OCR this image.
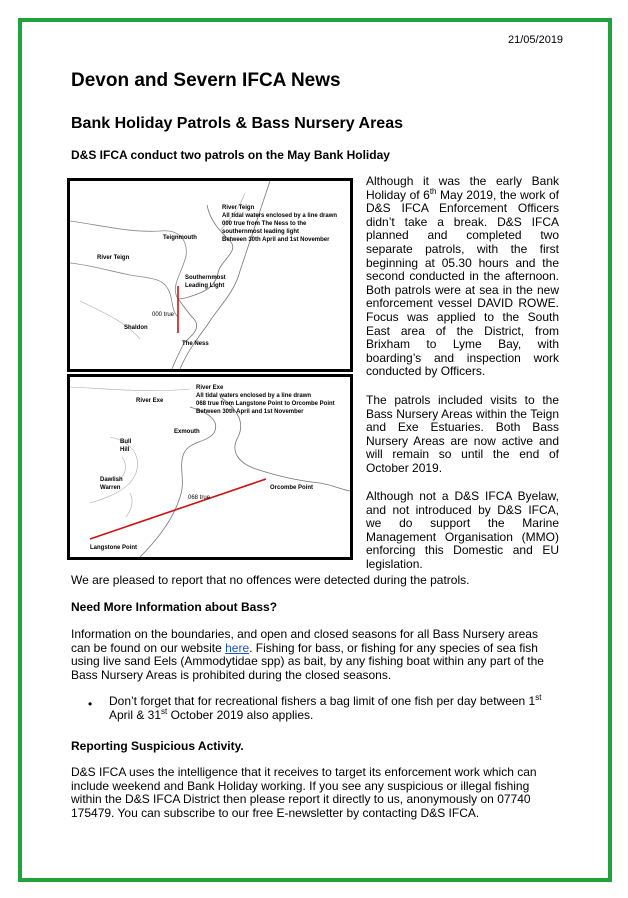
21/05/2019
Devon and Severn IFCA News
Bank Holiday Patrols & Bass Nursery Areas
D&S IFCA conduct two patrols on the May Bank Holiday
River Teign
All tidal waters enclosed by a line drawn
000 true from The Ness to the
southernmost leading light
Between 30th April and 1st November
Teignmouth
River Teign
Southernmost
Leading Light
000 true
Shaldon
The Ness
River Exe
All tidal waters enclosed by a line drawn
068 true from Langstone Point to Orcombe Point
Between 30th April and 1st November
River Exe
Exmouth
Bull
Hill
Dawlish
Warren
068 true
Orcombe Point
Langstone Point
Although it was the early Bank Holiday of 6th May 2019, the work of D&S IFCA Enforcement Officers didn’t take a break. D&S IFCA planned and completed two separate patrols, with the first beginning at 05.30 hours and the second conducted in the afternoon. Both patrols were at sea in the new enforcement vessel DAVID ROWE. Focus was applied to the South East area of the District, from Brixham to Lyme Bay, with boarding’s and inspection work conducted by Officers.
The patrols included visits to the Bass Nursery Areas within the Teign and Exe Estuaries. Both Bass Nursery Areas are now active and will remain so until the end of October 2019.
Although not a D&S IFCA Byelaw, and not introduced by D&S IFCA, we do support the Marine Management Organisation (MMO) enforcing this Domestic and EU legislation.
We are pleased to report that no offences were detected during the patrols.
Need More Information about Bass?
Information on the boundaries, and open and closed seasons for all Bass Nursery areas can be found on our website here. Fishing for bass, or fishing for any species of sea fish using live sand Eels (Ammodytidae spp) as bait, by any fishing boat within any part of the Bass Nursery Areas is prohibited during the closed seasons.
• Don’t forget that for recreational fishers a bag limit of one fish per day between 1st April & 31st October 2019 also applies.
Reporting Suspicious Activity.
D&S IFCA uses the intelligence that it receives to target its enforcement work which can include weekend and Bank Holiday working. If you see any suspicious or illegal fishing within the D&S IFCA District then please report it directly to us, anonymously on 07740 175479. You can subscribe to our free E-newsletter by contacting D&S IFCA.
